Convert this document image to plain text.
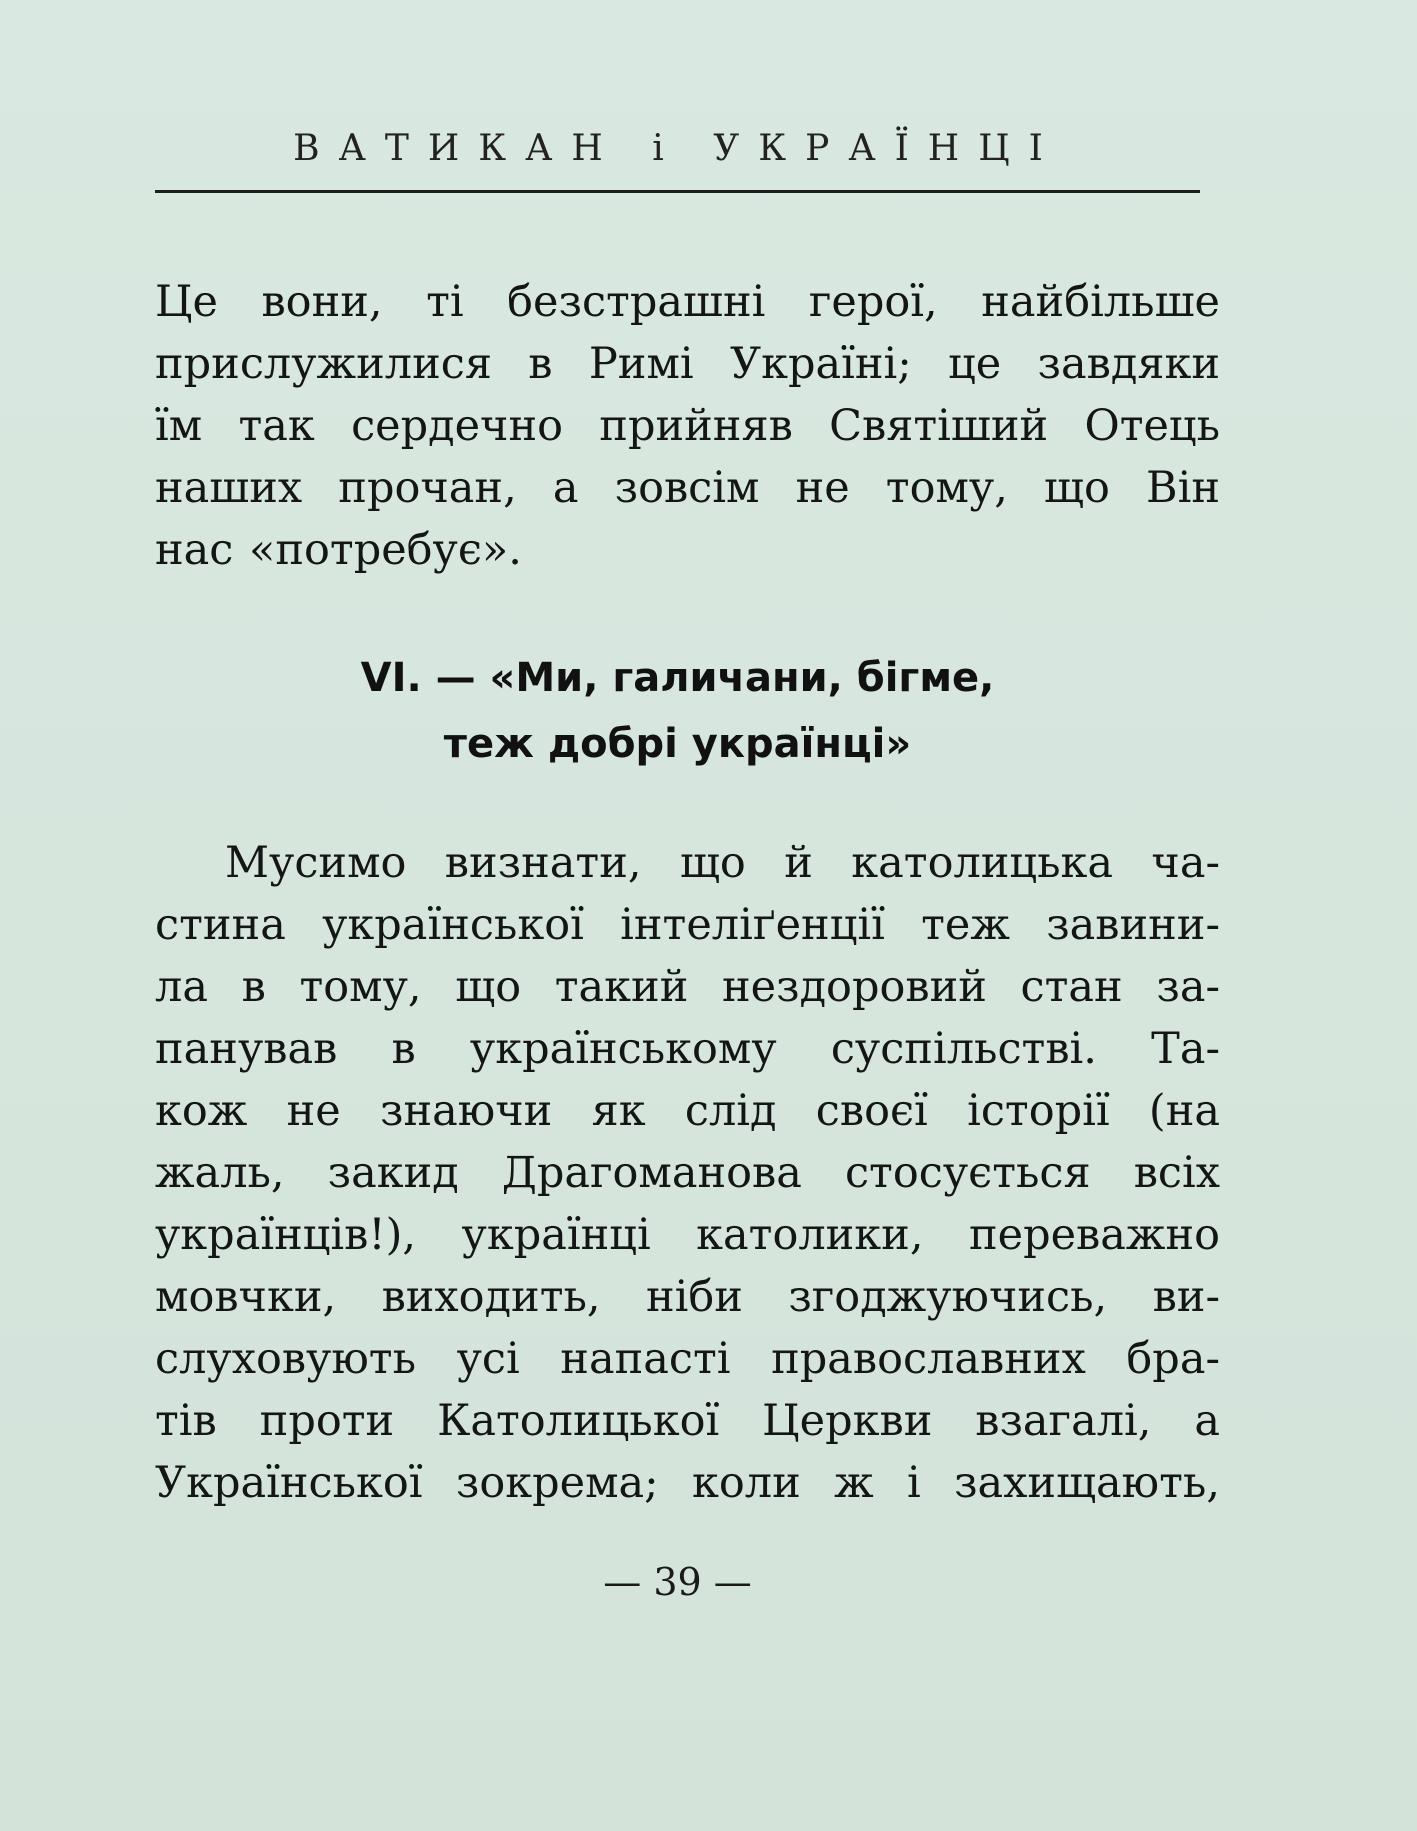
ВАТИКАН і УКРАЇНЦІ

Це вони, ті безстрашні герої, найбільше
прислужилися в Римі Україні; це завдяки
їм так сердечно прийняв Святіший Отець
наших прочан, а зовсім не тому, що Він
нас «потребує».

VI. — «Ми, галичани, бігме,
теж добрі українці»

Мусимо визнати, що й католицька ча-
стина української інтеліґенції теж завини-
ла в тому, що такий нездоровий стан за-
панував в українському суспільстві. Та-
кож не знаючи як слід своєї історії (на
жаль, закид Драгоманова стосується всіх
українців!), українці католики, переважно
мовчки, виходить, ніби згоджуючись, ви-
слуховують усі напасті православних бра-
тів проти Католицької Церкви взагалі, а
Української зокрема; коли ж і захищають,

— 39 —
